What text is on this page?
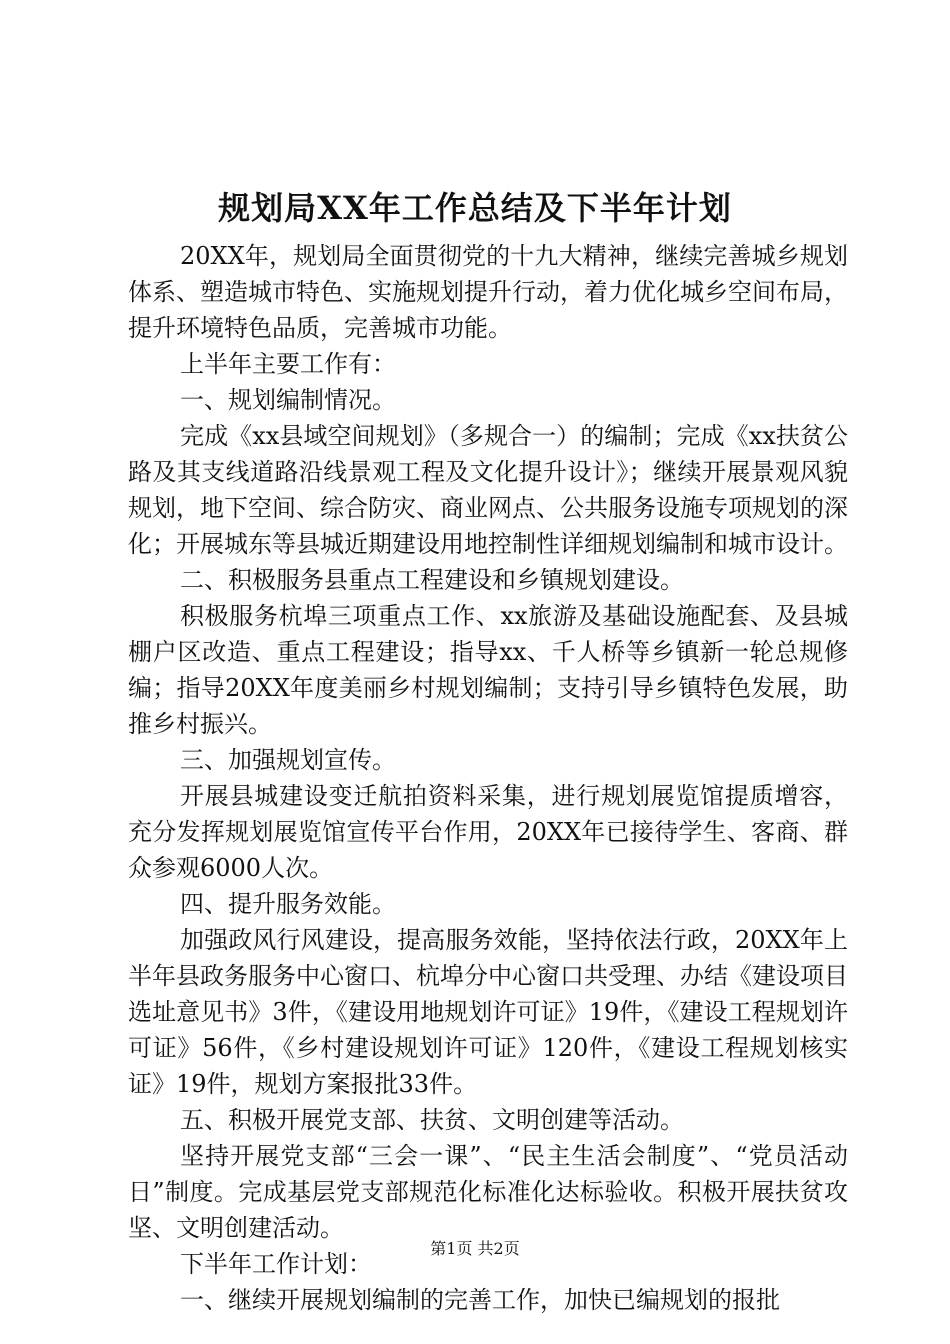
规划局XX年工作总结及下半年计划

20XX年，规划局全面贯彻党的十九大精神，继续完善城乡规划体系、塑造城市特色、实施规划提升行动，着力优化城乡空间布局，提升环境特色品质，完善城市功能。

上半年主要工作有：

一、规划编制情况。

完成《xx县域空间规划》（多规合一）的编制；完成《xx扶贫公路及其支线道路沿线景观工程及文化提升设计》；继续开展景观风貌规划，地下空间、综合防灾、商业网点、公共服务设施专项规划的深化；开展城东等县城近期建设用地控制性详细规划编制和城市设计。

二、积极服务县重点工程建设和乡镇规划建设。

积极服务杭埠三项重点工作、xx旅游及基础设施配套、及县城棚户区改造、重点工程建设；指导xx、千人桥等乡镇新一轮总规修编；指导20XX年度美丽乡村规划编制；支持引导乡镇特色发展，助推乡村振兴。

三、加强规划宣传。

开展县城建设变迁航拍资料采集，进行规划展览馆提质增容，充分发挥规划展览馆宣传平台作用，20XX年已接待学生、客商、群众参观6000人次。

四、提升服务效能。

加强政风行风建设，提高服务效能，坚持依法行政，20XX年上半年县政务服务中心窗口、杭埠分中心窗口共受理、办结《建设项目选址意见书》3件，《建设用地规划许可证》19件，《建设工程规划许可证》56件，《乡村建设规划许可证》120件，《建设工程规划核实证》19件，规划方案报批33件。

五、积极开展党支部、扶贫、文明创建等活动。

坚持开展党支部“三会一课”、“民主生活会制度”、“党员活动日”制度。完成基层党支部规范化标准化达标验收。积极开展扶贫攻坚、文明创建活动。

下半年工作计划：

一、继续开展规划编制的完善工作，加快已编规划的报批

第1页 共2页
